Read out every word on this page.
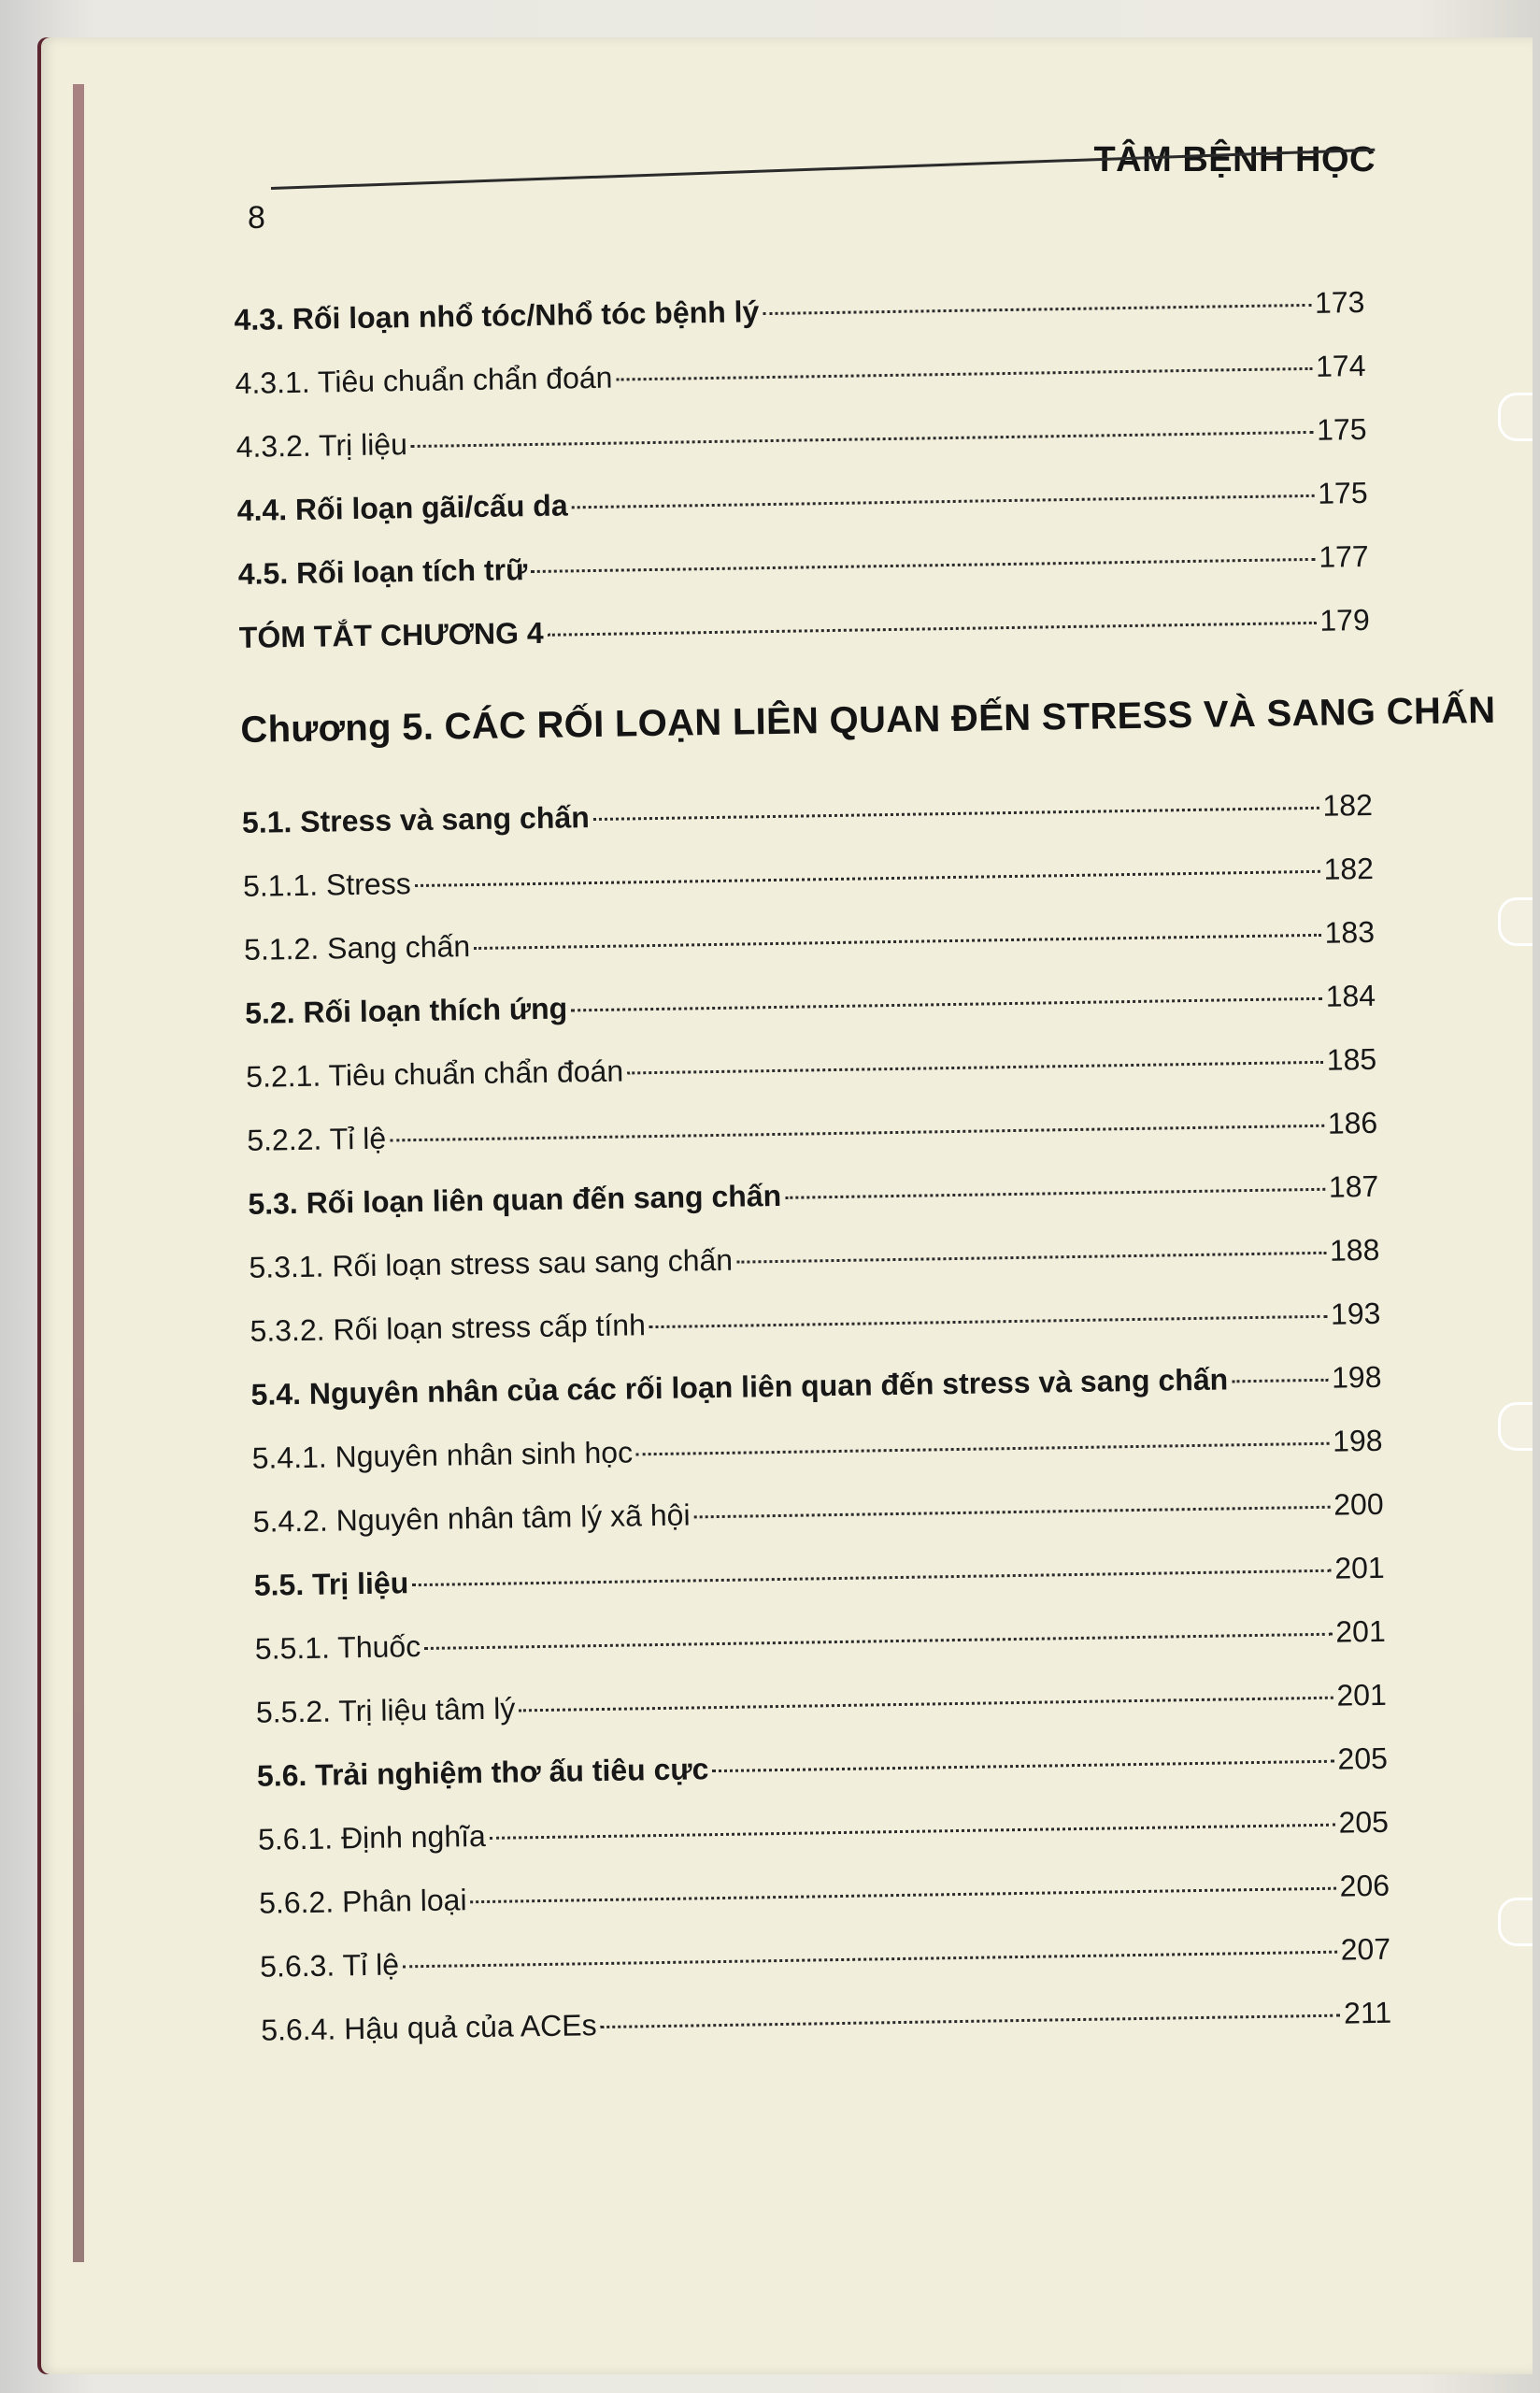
TÂM BỆNH HỌC
8
4.3. Rối loạn nhổ tóc/Nhổ tóc bệnh lý	173
4.3.1. Tiêu chuẩn chẩn đoán	174
4.3.2. Trị liệu	175
4.4. Rối loạn gãi/cấu da	175
4.5. Rối loạn tích trữ	177
TÓM TẮT CHƯƠNG 4	179
Chương 5. CÁC RỐI LOẠN LIÊN QUAN ĐẾN STRESS VÀ SANG CHẤN
5.1. Stress và sang chấn	182
5.1.1. Stress	182
5.1.2. Sang chấn	183
5.2. Rối loạn thích ứng	184
5.2.1. Tiêu chuẩn chẩn đoán	185
5.2.2. Tỉ lệ	186
5.3. Rối loạn liên quan đến sang chấn	187
5.3.1. Rối loạn stress sau sang chấn	188
5.3.2. Rối loạn stress cấp tính	193
5.4. Nguyên nhân của các rối loạn liên quan đến stress và sang chấn	198
5.4.1. Nguyên nhân sinh học	198
5.4.2. Nguyên nhân tâm lý xã hội	200
5.5. Trị liệu	201
5.5.1. Thuốc	201
5.5.2. Trị liệu tâm lý	201
5.6. Trải nghiệm thơ ấu tiêu cực	205
5.6.1. Định nghĩa	205
5.6.2. Phân loại	206
5.6.3. Tỉ lệ	207
5.6.4. Hậu quả của ACEs	211
